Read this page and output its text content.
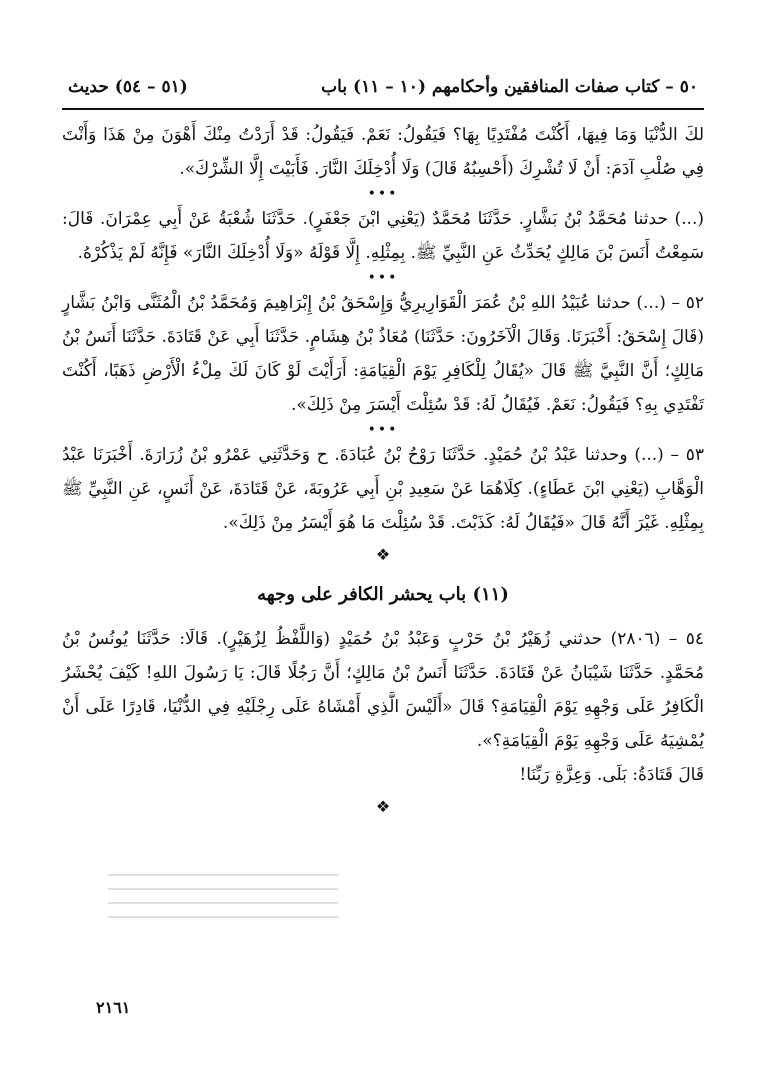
٥٠ – كتاب صفات المنافقين وأحكامهم (١٠ – ١١) باب
(٥١ – ٥٤) حديث

لكَ الدُّنْيَا وَمَا فِيهَا، أَكُنْتَ مُفْتَدِيًا بِهَا؟ فَيَقُولُ: نَعَمْ. فَيَقُولُ: قَدْ أَرَدْتُ مِنْكَ أَهْوَنَ مِنْ هَذَا وَأَنْتَ فِي صُلْبِ آدَمَ: أَنْ لَا تُشْرِكَ (أَحْسِبُهُ قَالَ) وَلَا أُدْخِلَكَ النَّارَ. فَأَبَيْتَ إِلَّا الشِّرْكَ».

•••

(...) حدثنا مُحَمَّدُ بْنُ بَشَّارٍ. حَدَّثَنَا مُحَمَّدٌ (يَعْنِي ابْنَ جَعْفَرٍ). حَدَّثَنَا شُعْبَةُ عَنْ أَبِي عِمْرَانَ. قَالَ: سَمِعْتُ أَنَسَ بْنَ مَالِكٍ يُحَدِّثُ عَنِ النَّبِيِّ ﷺ. بِمِثْلِهِ. إِلَّا قَوْلَهُ «وَلَا أُدْخِلَكَ النَّارَ» فَإِنَّهُ لَمْ يَذْكُرْهُ.

•••

٥٢ – (...) حدثنا عُبَيْدُ اللهِ بْنُ عُمَرَ الْقَوَارِيرِيُّ وَإِسْحَقُ بْنُ إِبْرَاهِيمَ وَمُحَمَّدُ بْنُ الْمُثَنَّى وَابْنُ بَشَّارٍ (قَالَ إِسْحَقُ: أَخْبَرَنَا. وَقَالَ الْآخَرُونَ: حَدَّثَنَا) مُعَاذُ بْنُ هِشَامٍ. حَدَّثَنَا أَبِي عَنْ قَتَادَةَ. حَدَّثَنَا أَنَسُ بْنُ مَالِكٍ؛ أَنَّ النَّبِيَّ ﷺ قَالَ «يُقَالُ لِلْكَافِرِ يَوْمَ الْقِيَامَةِ: أَرَأَيْتَ لَوْ كَانَ لَكَ مِلْءُ الْأَرْضِ ذَهَبًا، أَكُنْتَ تَفْتَدِي بِهِ؟ فَيَقُولُ: نَعَمْ. فَيُقَالُ لَهُ: قَدْ سُئِلْتَ أَيْسَرَ مِنْ ذَلِكَ».

•••

٥٣ – (...) وحدثنا عَبْدُ بْنُ حُمَيْدٍ. حَدَّثَنَا رَوْحُ بْنُ عُبَادَةَ. ح وَحَدَّثَنِي عَمْرُو بْنُ زُرَارَةَ. أَخْبَرَنَا عَبْدُ الْوَهَّابِ (يَعْنِي ابْنَ عَطَاءٍ). كِلَاهُمَا عَنْ سَعِيدِ بْنِ أَبِي عَرُوبَةَ، عَنْ قَتَادَةَ، عَنْ أَنَسٍ، عَنِ النَّبِيِّ ﷺ بِمِثْلِهِ. غَيْرَ أَنَّهُ قَالَ «فَيُقَالُ لَهُ: كَذَبْتَ. قَدْ سُئِلْتَ مَا هُوَ أَيْسَرُ مِنْ ذَلِكَ».

❖

(١١) باب يحشر الكافر على وجهه

٥٤ – (٢٨٠٦) حدثني زُهَيْرُ بْنُ حَرْبٍ وَعَبْدُ بْنُ حُمَيْدٍ (وَاللَّفْظُ لِزُهَيْرٍ). قَالَا: حَدَّثَنَا يُونُسُ بْنُ مُحَمَّدٍ. حَدَّثَنَا شَيْبَانُ عَنْ قَتَادَةَ. حَدَّثَنَا أَنَسُ بْنُ مَالِكٍ؛ أَنَّ رَجُلًا قَالَ: يَا رَسُولَ اللهِ! كَيْفَ يُحْشَرُ الْكَافِرُ عَلَى وَجْهِهِ يَوْمَ الْقِيَامَةِ؟ قَالَ «أَلَيْسَ الَّذِي أَمْشَاهُ عَلَى رِجْلَيْهِ فِي الدُّنْيَا، قَادِرًا عَلَى أَنْ يُمْشِيَهُ عَلَى وَجْهِهِ يَوْمَ الْقِيَامَةِ؟».

قَالَ قَتَادَةُ: بَلَى. وَعِزَّةِ رَبِّنَا!

❖

٢١٦١
